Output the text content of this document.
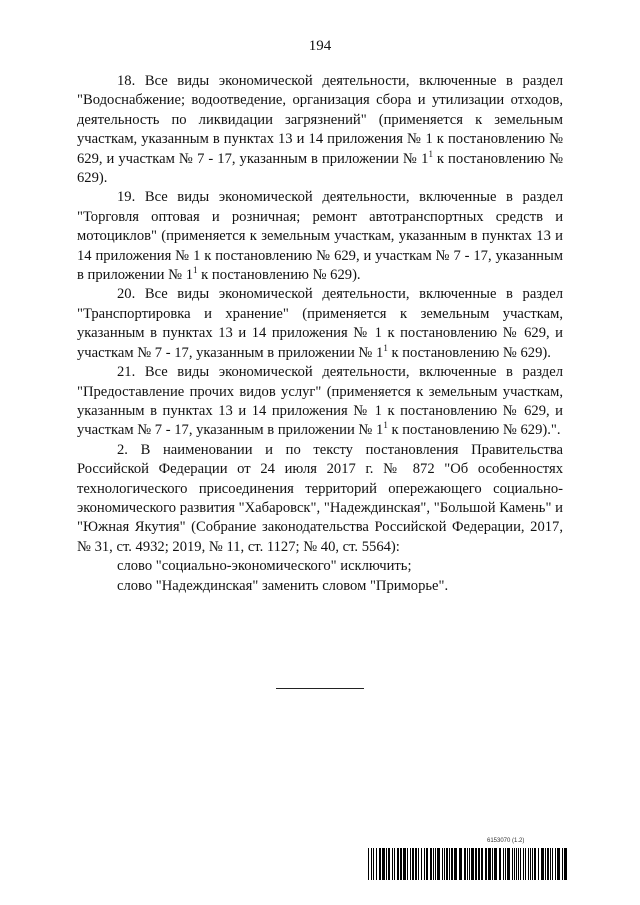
194

18. Все виды экономической деятельности, включенные в раздел "Водоснабжение; водоотведение, организация сбора и утилизации отходов, деятельность по ликвидации загрязнений" (применяется к земельным участкам, указанным в пунктах 13 и 14 приложения № 1 к постановлению № 629, и участкам № 7 - 17, указанным в приложении № $1^1$ к постановлению № 629).

19. Все виды экономической деятельности, включенные в раздел "Торговля оптовая и розничная; ремонт автотранспортных средств и мотоциклов" (применяется к земельным участкам, указанным в пунктах 13 и 14 приложения № 1 к постановлению № 629, и участкам № 7 - 17, указанным в приложении № $1^1$ к постановлению № 629).

20. Все виды экономической деятельности, включенные в раздел "Транспортировка и хранение" (применяется к земельным участкам, указанным в пунктах 13 и 14 приложения № 1 к постановлению № 629, и участкам № 7 - 17, указанным в приложении № $1^1$ к постановлению № 629).

21. Все виды экономической деятельности, включенные в раздел "Предоставление прочих видов услуг" (применяется к земельным участкам, указанным в пунктах 13 и 14 приложения № 1 к постановлению № 629, и участкам № 7 - 17, указанным в приложении № $1^1$ к постановлению № 629).".

2. В наименовании и по тексту постановления Правительства Российской Федерации от 24 июля 2017 г. № 872 "Об особенностях технологического присоединения территорий опережающего социально-экономического развития "Хабаровск", "Надеждинская", "Большой Камень" и "Южная Якутия" (Собрание законодательства Российской Федерации, 2017, № 31, ст. 4932; 2019, № 11, ст. 1127; № 40, ст. 5564):

слово "социально-экономического" исключить;

слово "Надеждинская" заменить словом "Приморье".

6153070 (1.2)
